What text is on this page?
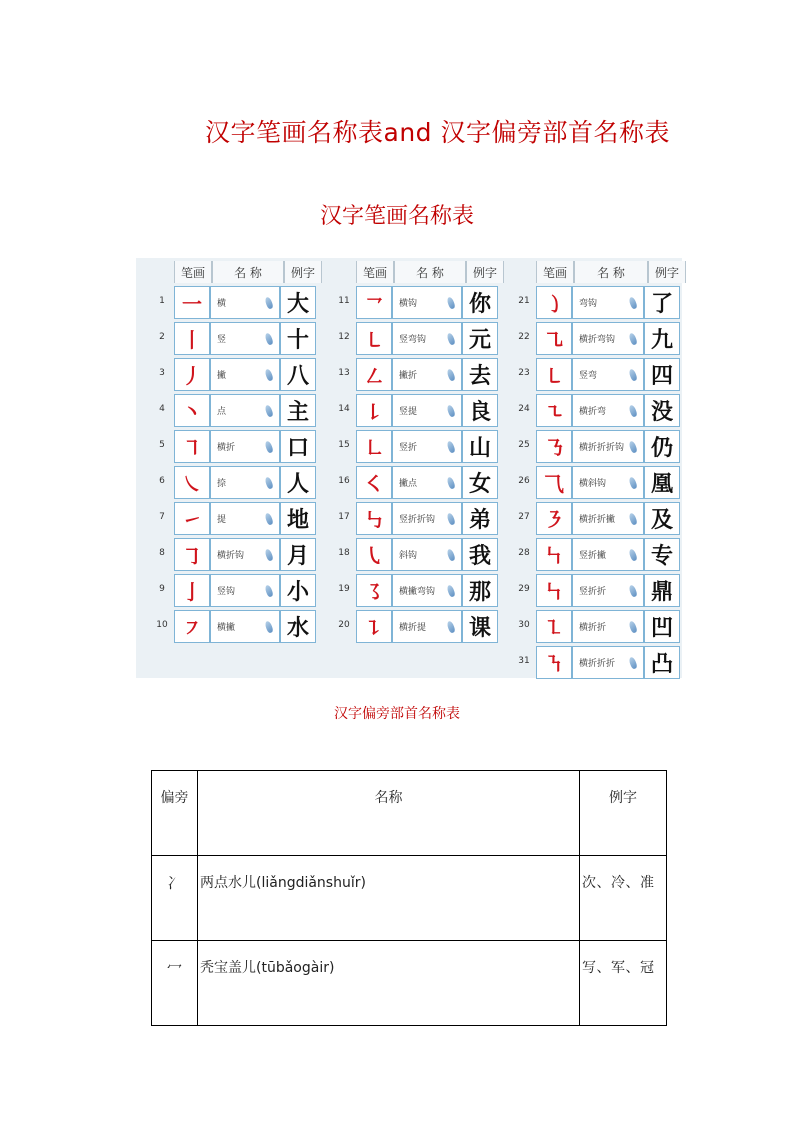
汉字笔画名称表and 汉字偏旁部首名称表
汉字笔画名称表
笔画	名 称	例字
1 一	横	大
2 丨	竖	十
3 丿	撇	八
4 丶	点	主
5 ㇕	横折	口
6 ㇏	捺	人
7 ㇀	提	地
8 ㇆	横折钩	月
9 亅	竖钩	小
10 ㇇	横撇	水
笔画	名 称	例字
11 ㇖	横钩	你
12 ㇄	竖弯钩	元
13 ㇜	撇折	去
14 ㇙	竖提	良
15 ㇗	竖折	山
16 ㇛	撇点	女
17 ㇉	竖折折钩	弟
18 ㇂	斜钩	我
19 ㇌	横撇弯钩	那
20 ㇊	横折提	课
笔画	名 称	例字
21 ㇁	弯钩	了
22 ㇈	横折弯钩	九
23 ㇄	竖弯	四
24 ㇍	横折弯	没
25 ㇡	横折折折钩	仍
26 ⺄	横斜钩	凰
27 ㇋	横折折撇	及
28 ㇞	竖折撇	专
29 ㇞	竖折折	鼎
30 ㇅	横折折	凹
31 ㇎	横折折折	凸
汉字偏旁部首名称表
偏旁	名称	例字
冫	两点水儿(liǎngdiǎnshuǐr)	次、冷、准
冖	秃宝盖儿(tūbǎogàir)	写、军、冠
